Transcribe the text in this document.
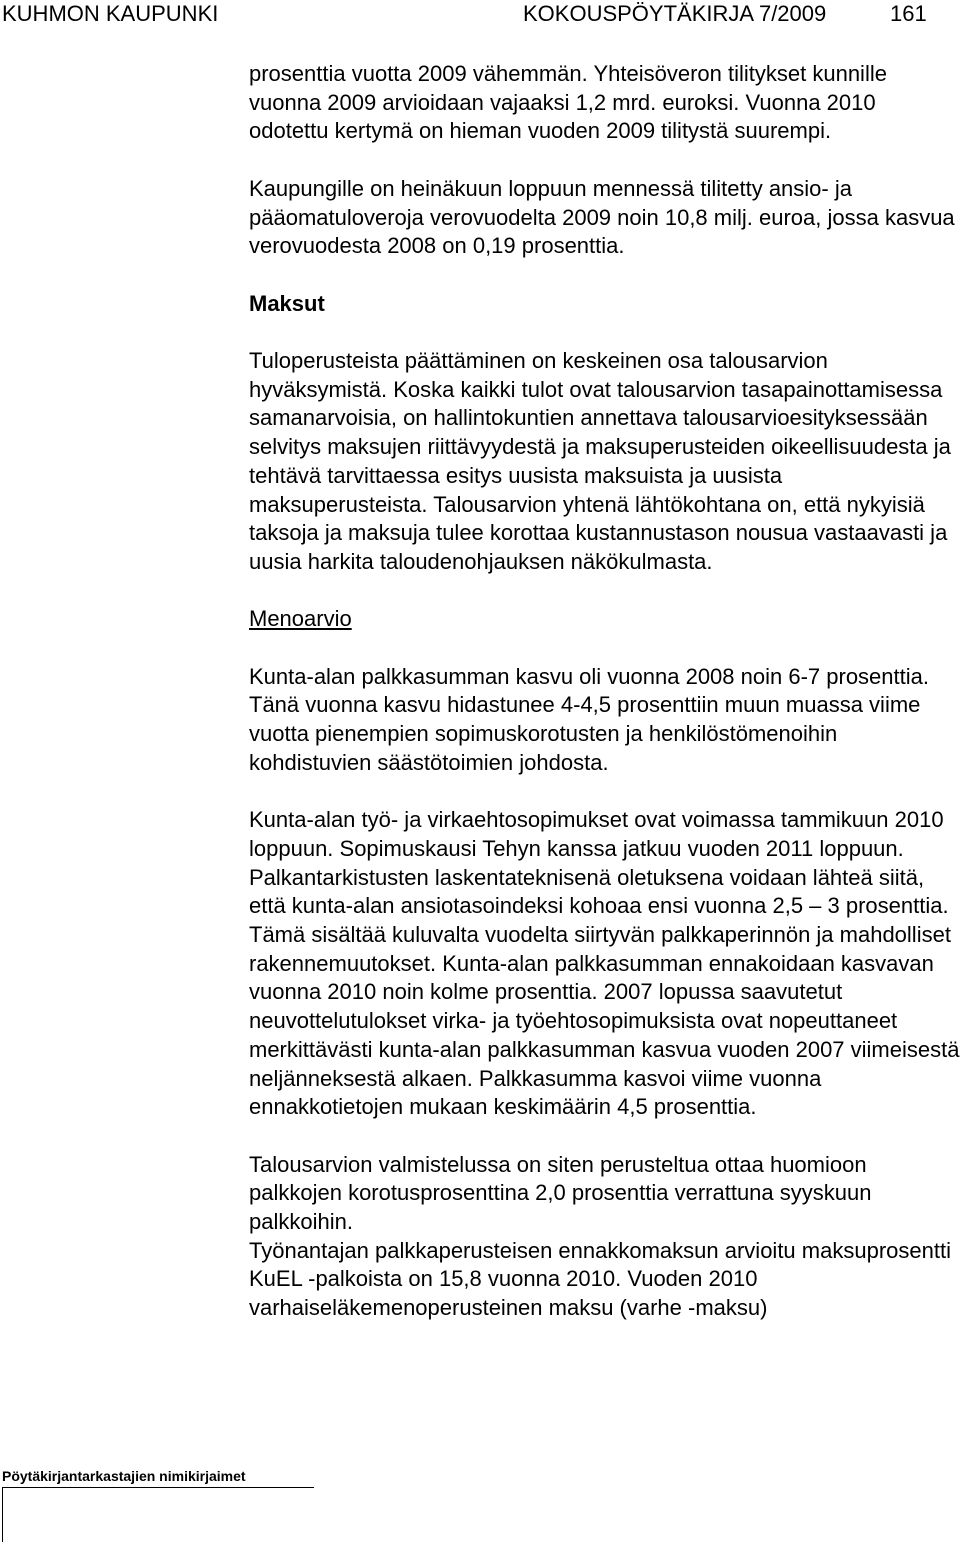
KUHMON KAUPUNKI	KOKOUSPÖYTÄKIRJA 7/2009	161

prosenttia vuotta 2009 vähemmän. Yhteisöveron tilitykset kunnille vuonna 2009 arvioidaan vajaaksi 1,2 mrd. euroksi. Vuonna 2010 odotettu kertymä on hieman vuoden 2009 tilitystä suurempi.

Kaupungille on heinäkuun loppuun mennessä tilitetty ansio- ja pääomatuloveroja verovuodelta 2009 noin 10,8 milj. euroa, jossa kasvua verovuodesta 2008 on 0,19 prosenttia.

Maksut

Tuloperusteista päättäminen on keskeinen osa talousarvion hyväksymistä. Koska kaikki tulot ovat talousarvion tasapainottamisessa samanarvoisia, on hallintokuntien annettava talousarvioesityksessään selvitys maksujen riittävyydestä ja maksuperusteiden oikeellisuudesta ja tehtävä tarvittaessa esitys uusista maksuista ja uusista maksuperusteista. Talousarvion yhtenä lähtökohtana on, että nykyisiä taksoja ja maksuja tulee korottaa kustannustason nousua vastaavasti ja uusia harkita taloudenohjauksen näkökulmasta.

Menoarvio

Kunta-alan palkkasumman kasvu oli vuonna 2008 noin 6-7 prosenttia. Tänä vuonna kasvu hidastunee 4-4,5 prosenttiin muun muassa viime vuotta pienempien sopimuskorotusten ja henkilöstömenoihin kohdistuvien säästötoimien johdosta.

Kunta-alan työ- ja virkaehtosopimukset ovat voimassa tammikuun 2010 loppuun. Sopimuskausi Tehyn kanssa jatkuu vuoden 2011 loppuun. Palkantarkistusten laskentateknisenä oletuksena voidaan lähteä siitä, että kunta-alan ansiotasoindeksi kohoaa ensi vuonna 2,5 – 3 prosenttia. Tämä sisältää kuluvalta vuodelta siirtyvän palkkaperinnön ja mahdolliset rakennemuutokset. Kunta-alan palkkasumman ennakoidaan kasvavan vuonna 2010 noin kolme prosenttia. 2007 lopussa saavutetut neuvottelutulokset virka- ja työehtosopimuksista ovat nopeuttaneet merkittävästi kunta-alan palkkasumman kasvua vuoden 2007 viimeisestä neljänneksestä alkaen. Palkkasumma kasvoi viime vuonna ennakkotietojen mukaan keskimäärin 4,5 prosenttia.

Talousarvion valmistelussa on siten perusteltua ottaa huomioon palkkojen korotusprosenttina 2,0 prosenttia verrattuna syyskuun palkkoihin.

Työnantajan palkkaperusteisen ennakkomaksun arvioitu maksuprosentti KuEL -palkoista on 15,8 vuonna 2010. Vuoden 2010 varhaiseläkemenoperusteinen maksu (varhe -maksu)

Pöytäkirjantarkastajien nimikirjaimet
